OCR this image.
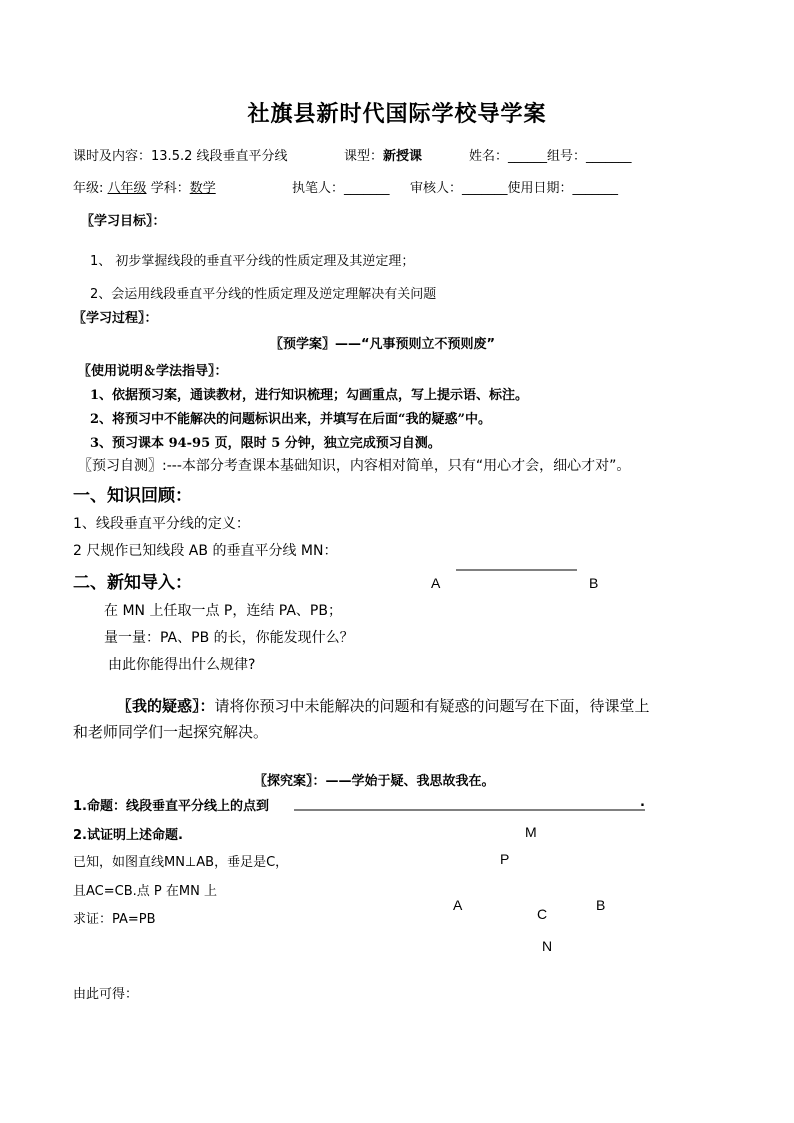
社旗县新时代国际学校导学案
课时及内容：13.5.2 线段垂直平分线	课型：新授课	姓名：______组号：_______
年级: 八年级 学科：数学	执笔人：_______ 审核人：_______使用日期：_______
〖学习目标〗：
1、 初步掌握线段的垂直平分线的性质定理及其逆定理；
2、会运用线段垂直平分线的性质定理及逆定理解决有关问题
〖学习过程〗：
〖预学案〗——“凡事预则立不预则废”
〖使用说明＆学法指导〗：
1、依据预习案，通读教材，进行知识梳理；勾画重点，写上提示语、标注。
2、将预习中不能解决的问题标识出来，并填写在后面“我的疑惑”中。
3、预习课本 94-95 页，限时 5 分钟，独立完成预习自测。
〖预习自测〗:---本部分考查课本基础知识，内容相对简单，只有“用心才会，细心才对”。
一、知识回顾：
1、线段垂直平分线的定义：
2 尺规作已知线段 AB 的垂直平分线 MN：
二、新知导入：
在 MN 上任取一点 P，连结 PA、PB；
量一量：PA、PB 的长，你能发现什么？
由此你能得出什么规律?
A	B
〖我的疑惑〗：请将你预习中未能解决的问题和有疑惑的问题写在下面，待课堂上
和老师同学们一起探究解决。
〖探究案〗：——学始于疑、我思故我在。
1.命题：线段垂直平分线上的点到	.
2.试证明上述命题.
已知，如图直线MN⊥AB，垂足是C，
且AC=CB.点 P 在MN 上
求证：PA=PB
由此可得：
M
P
A
C
B
N
